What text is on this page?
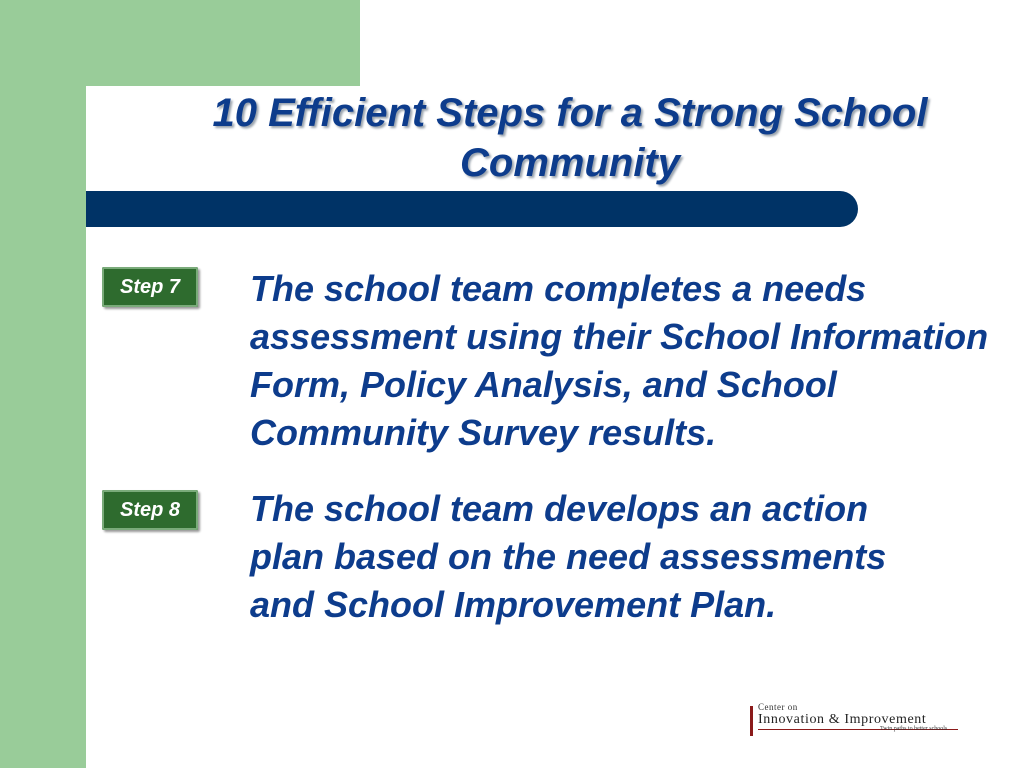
10 Efficient Steps for a Strong School Community
Step 7	The school team completes a needs assessment using their School Information Form, Policy Analysis, and School Community Survey results.

Step 8	The school team develops an action plan based on the need assessments and School Improvement Plan.

Center on
Innovation & Improvement
Twin paths to better schools
